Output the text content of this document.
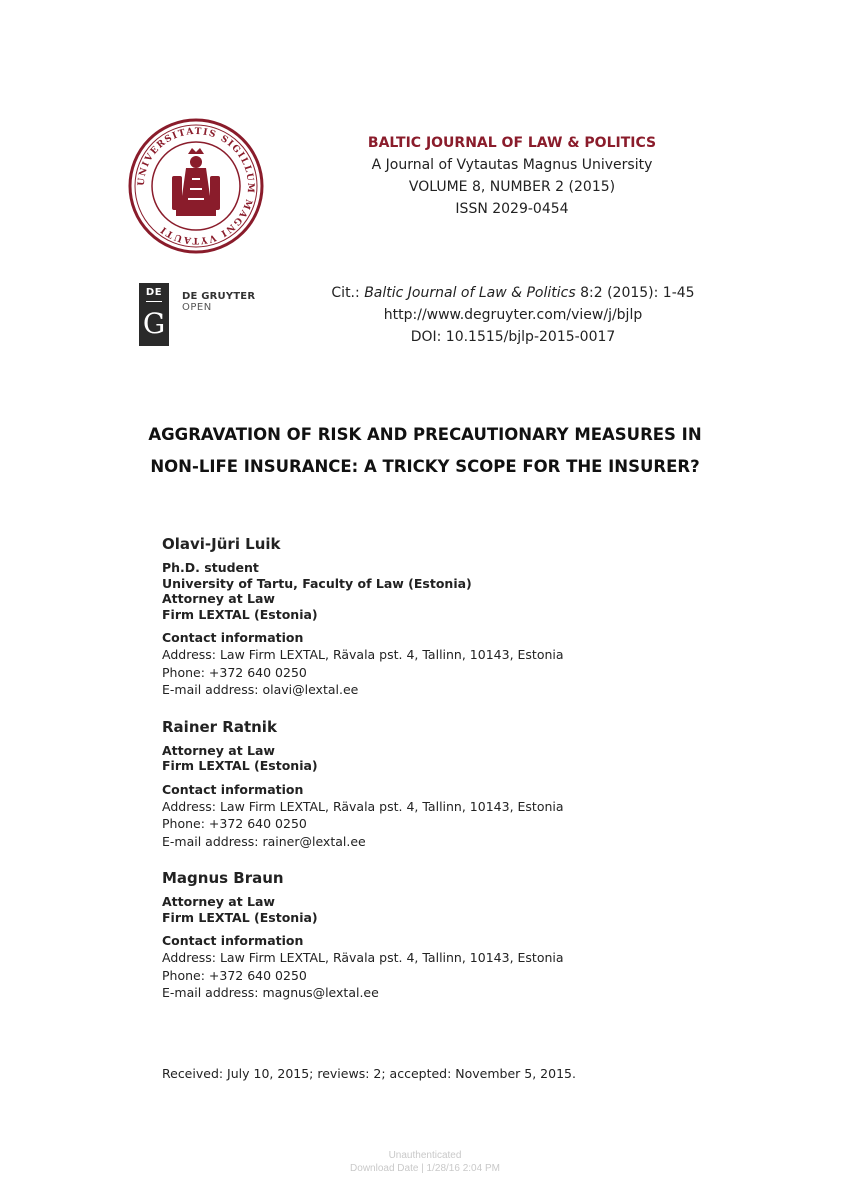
UNIVERSITATIS SIGILLUM MAGNI VYTAUTI
BALTIC JOURNAL OF LAW & POLITICS
A Journal of Vytautas Magnus University
VOLUME 8, NUMBER 2 (2015)
ISSN 2029-0454
DE
G
DE GRUYTER
OPEN
Cit.: Baltic Journal of Law & Politics 8:2 (2015): 1-45
http://www.degruyter.com/view/j/bjlp
DOI: 10.1515/bjlp-2015-0017
AGGRAVATION OF RISK AND PRECAUTIONARY MEASURES IN
NON-LIFE INSURANCE: A TRICKY SCOPE FOR THE INSURER?
Olavi-Jüri Luik
Ph.D. student
University of Tartu, Faculty of Law (Estonia)
Attorney at Law
Firm LEXTAL (Estonia)
Contact information
Address: Law Firm LEXTAL, Rävala pst. 4, Tallinn, 10143, Estonia
Phone: +372 640 0250
E-mail address: olavi@lextal.ee
Rainer Ratnik
Attorney at Law
Firm LEXTAL (Estonia)
Contact information
Address: Law Firm LEXTAL, Rävala pst. 4, Tallinn, 10143, Estonia
Phone: +372 640 0250
E-mail address: rainer@lextal.ee
Magnus Braun
Attorney at Law
Firm LEXTAL (Estonia)
Contact information
Address: Law Firm LEXTAL, Rävala pst. 4, Tallinn, 10143, Estonia
Phone: +372 640 0250
E-mail address: magnus@lextal.ee
Received: July 10, 2015; reviews: 2; accepted: November 5, 2015.
Unauthenticated
Download Date | 1/28/16 2:04 PM
